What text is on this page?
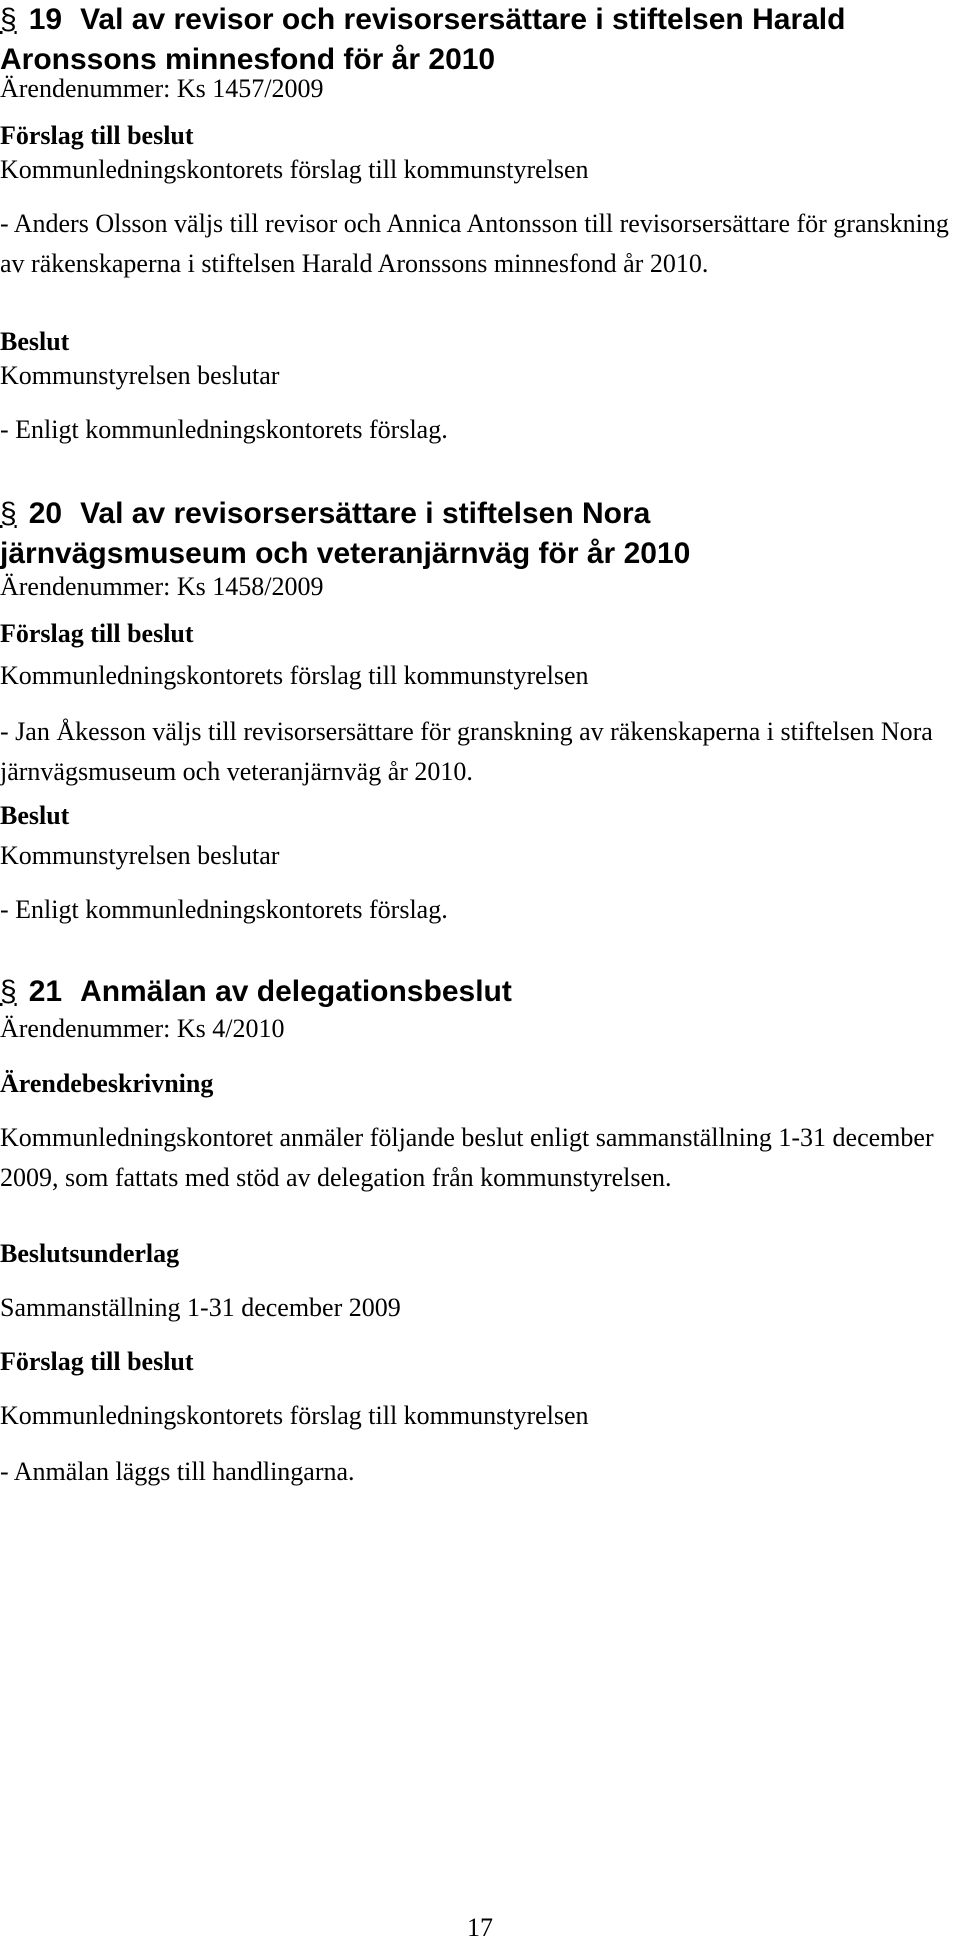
§ 19 Val av revisor och revisorsersättare i stiftelsen Harald
Aronssons minnesfond för år 2010
Ärendenummer: Ks 1457/2009
Förslag till beslut
Kommunledningskontorets förslag till kommunstyrelsen
- Anders Olsson väljs till revisor och Annica Antonsson till revisorsersättare för granskning av räkenskaperna i stiftelsen Harald Aronssons minnesfond år 2010.
Beslut
Kommunstyrelsen beslutar
- Enligt kommunledningskontorets förslag.
§ 20 Val av revisorsersättare i stiftelsen Nora
järnvägsmuseum och veteranjärnväg för år 2010
Ärendenummer: Ks 1458/2009
Förslag till beslut
Kommunledningskontorets förslag till kommunstyrelsen
- Jan Åkesson väljs till revisorsersättare för granskning av räkenskaperna i stiftelsen Nora järnvägsmuseum och veteranjärnväg år 2010.
Beslut
Kommunstyrelsen beslutar
- Enligt kommunledningskontorets förslag.
§ 21 Anmälan av delegationsbeslut
Ärendenummer: Ks 4/2010
Ärendebeskrivning
Kommunledningskontoret anmäler följande beslut enligt sammanställning 1-31 december 2009, som fattats med stöd av delegation från kommunstyrelsen.
Beslutsunderlag
Sammanställning 1-31 december 2009
Förslag till beslut
Kommunledningskontorets förslag till kommunstyrelsen
- Anmälan läggs till handlingarna.
17
